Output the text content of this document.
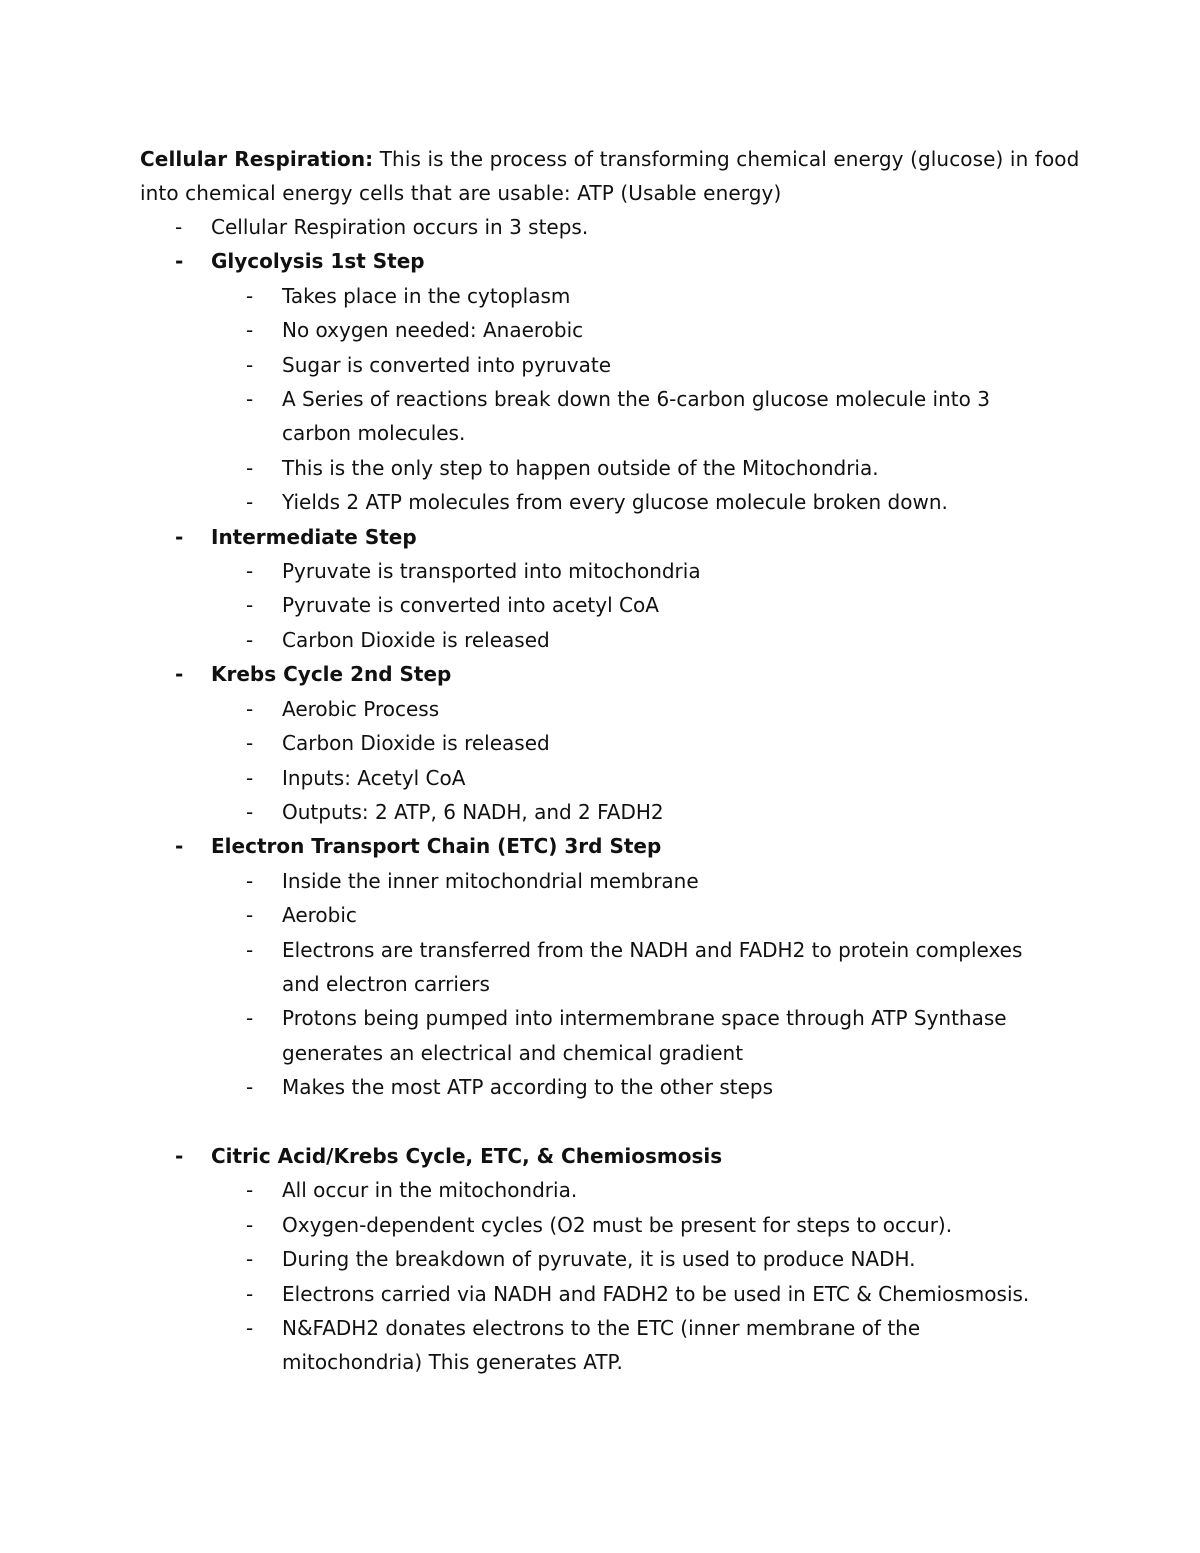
Cellular Respiration: This is the process of transforming chemical energy (glucose) in food into chemical energy cells that are usable: ATP (Usable energy)
-	Cellular Respiration occurs in 3 steps.
-	Glycolysis 1st Step
-	Takes place in the cytoplasm
-	No oxygen needed: Anaerobic
-	Sugar is converted into pyruvate
-	A Series of reactions break down the 6-carbon glucose molecule into 3 carbon molecules.
-	This is the only step to happen outside of the Mitochondria.
-	Yields 2 ATP molecules from every glucose molecule broken down.
-	Intermediate Step
-	Pyruvate is transported into mitochondria
-	Pyruvate is converted into acetyl CoA
-	Carbon Dioxide is released
-	Krebs Cycle 2nd Step
-	Aerobic Process
-	Carbon Dioxide is released
-	Inputs: Acetyl CoA
-	Outputs: 2 ATP, 6 NADH, and 2 FADH2
-	Electron Transport Chain (ETC) 3rd Step
-	Inside the inner mitochondrial membrane
-	Aerobic
-	Electrons are transferred from the NADH and FADH2 to protein complexes and electron carriers
-	Protons being pumped into intermembrane space through ATP Synthase generates an electrical and chemical gradient
-	Makes the most ATP according to the other steps
-	Citric Acid/Krebs Cycle, ETC, & Chemiosmosis
-	All occur in the mitochondria.
-	Oxygen-dependent cycles (O2 must be present for steps to occur).
-	During the breakdown of pyruvate, it is used to produce NADH.
-	Electrons carried via NADH and FADH2 to be used in ETC & Chemiosmosis.
-	N&FADH2 donates electrons to the ETC (inner membrane of the mitochondria) This generates ATP.
